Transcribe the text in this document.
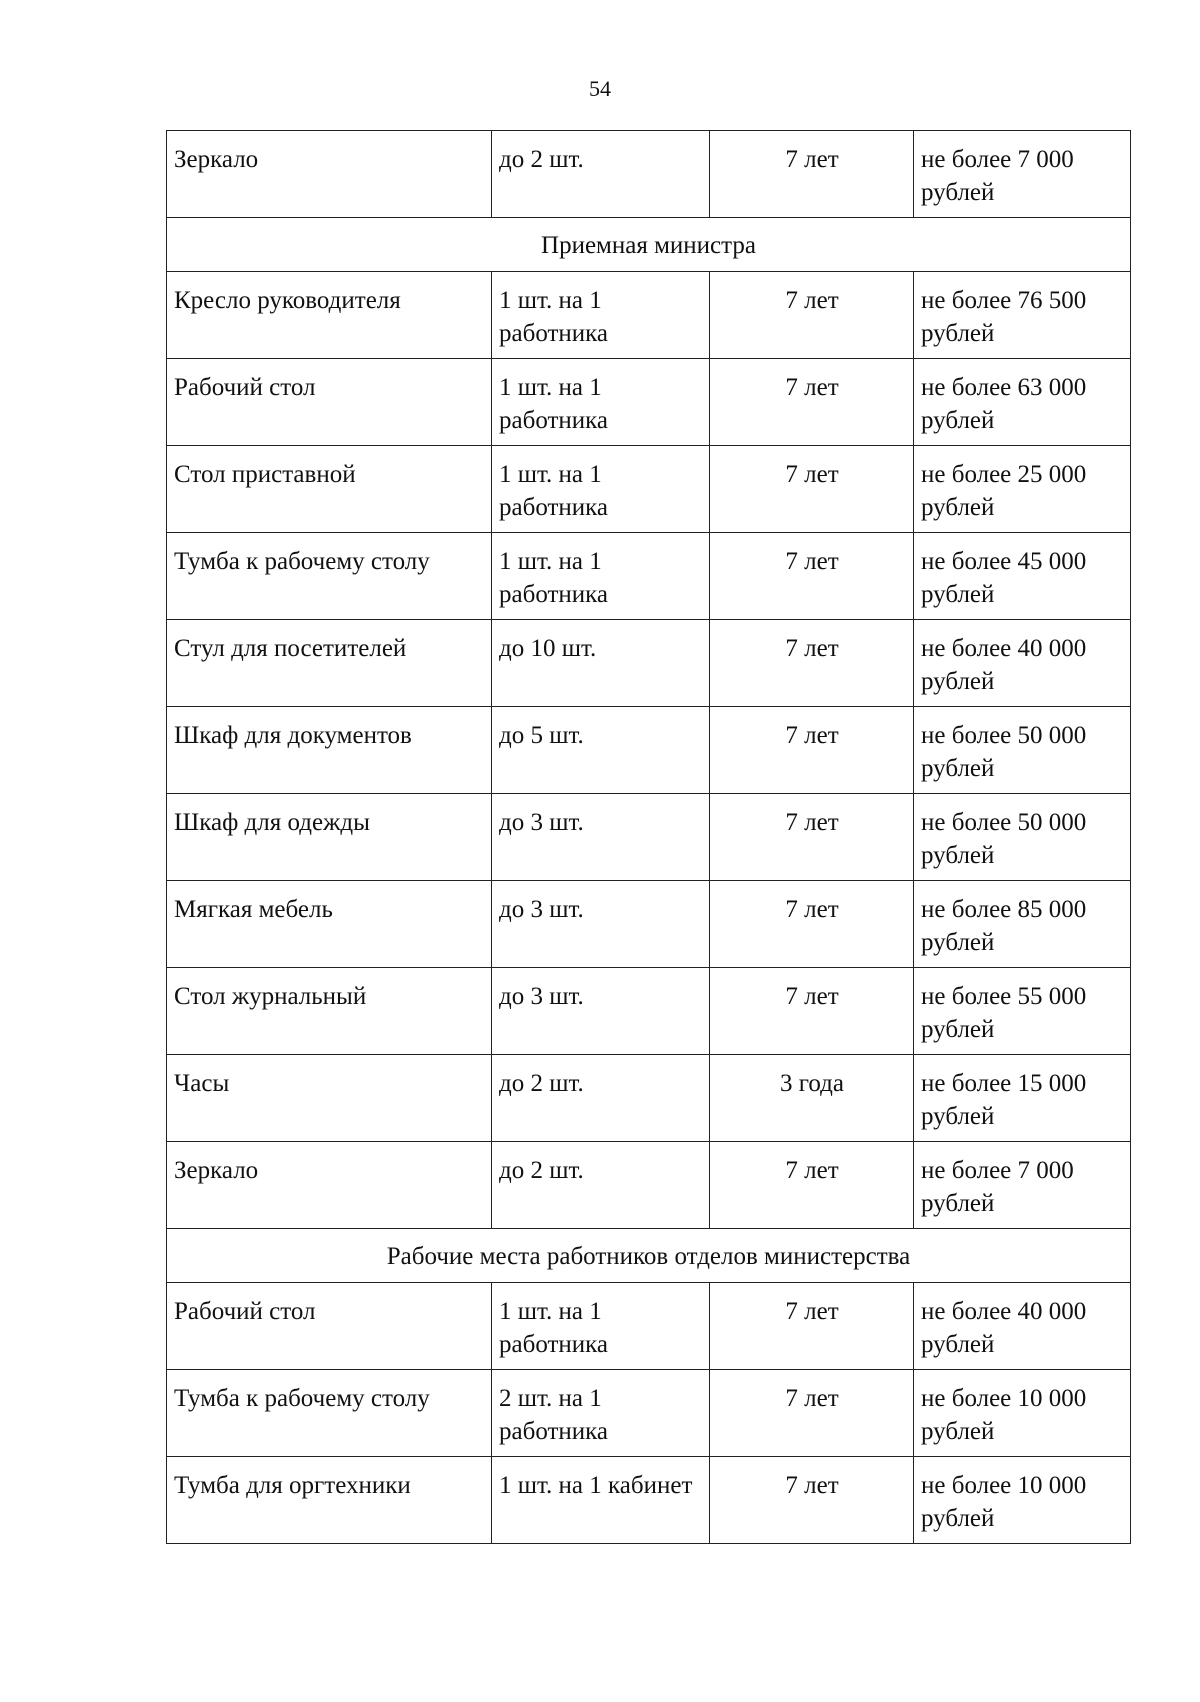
54
Зеркало	до 2 шт.	7 лет	не более 7 000 рублей
Приемная министра			
Кресло руководителя	1 шт. на 1 работника	7 лет	не более 76 500 рублей
Рабочий стол	1 шт. на 1 работника	7 лет	не более 63 000 рублей
Стол приставной	1 шт. на 1 работника	7 лет	не более 25 000 рублей
Тумба к рабочему столу	1 шт. на 1 работника	7 лет	не более 45 000 рублей
Стул для посетителей	до 10 шт.	7 лет	не более 40 000 рублей
Шкаф для документов	до 5 шт.	7 лет	не более 50 000 рублей
Шкаф для одежды	до 3 шт.	7 лет	не более 50 000 рублей
Мягкая мебель	до 3 шт.	7 лет	не более 85 000 рублей
Стол журнальный	до 3 шт.	7 лет	не более 55 000 рублей
Часы	до 2 шт.	3 года	не более 15 000 рублей
Зеркало	до 2 шт.	7 лет	не более 7 000 рублей
Рабочие места работников отделов министерства			
Рабочий стол	1 шт. на 1 работника	7 лет	не более 40 000 рублей
Тумба к рабочему столу	2 шт. на 1 работника	7 лет	не более 10 000 рублей
Тумба для оргтехники	1 шт. на 1 кабинет	7 лет	не более 10 000 рублей
